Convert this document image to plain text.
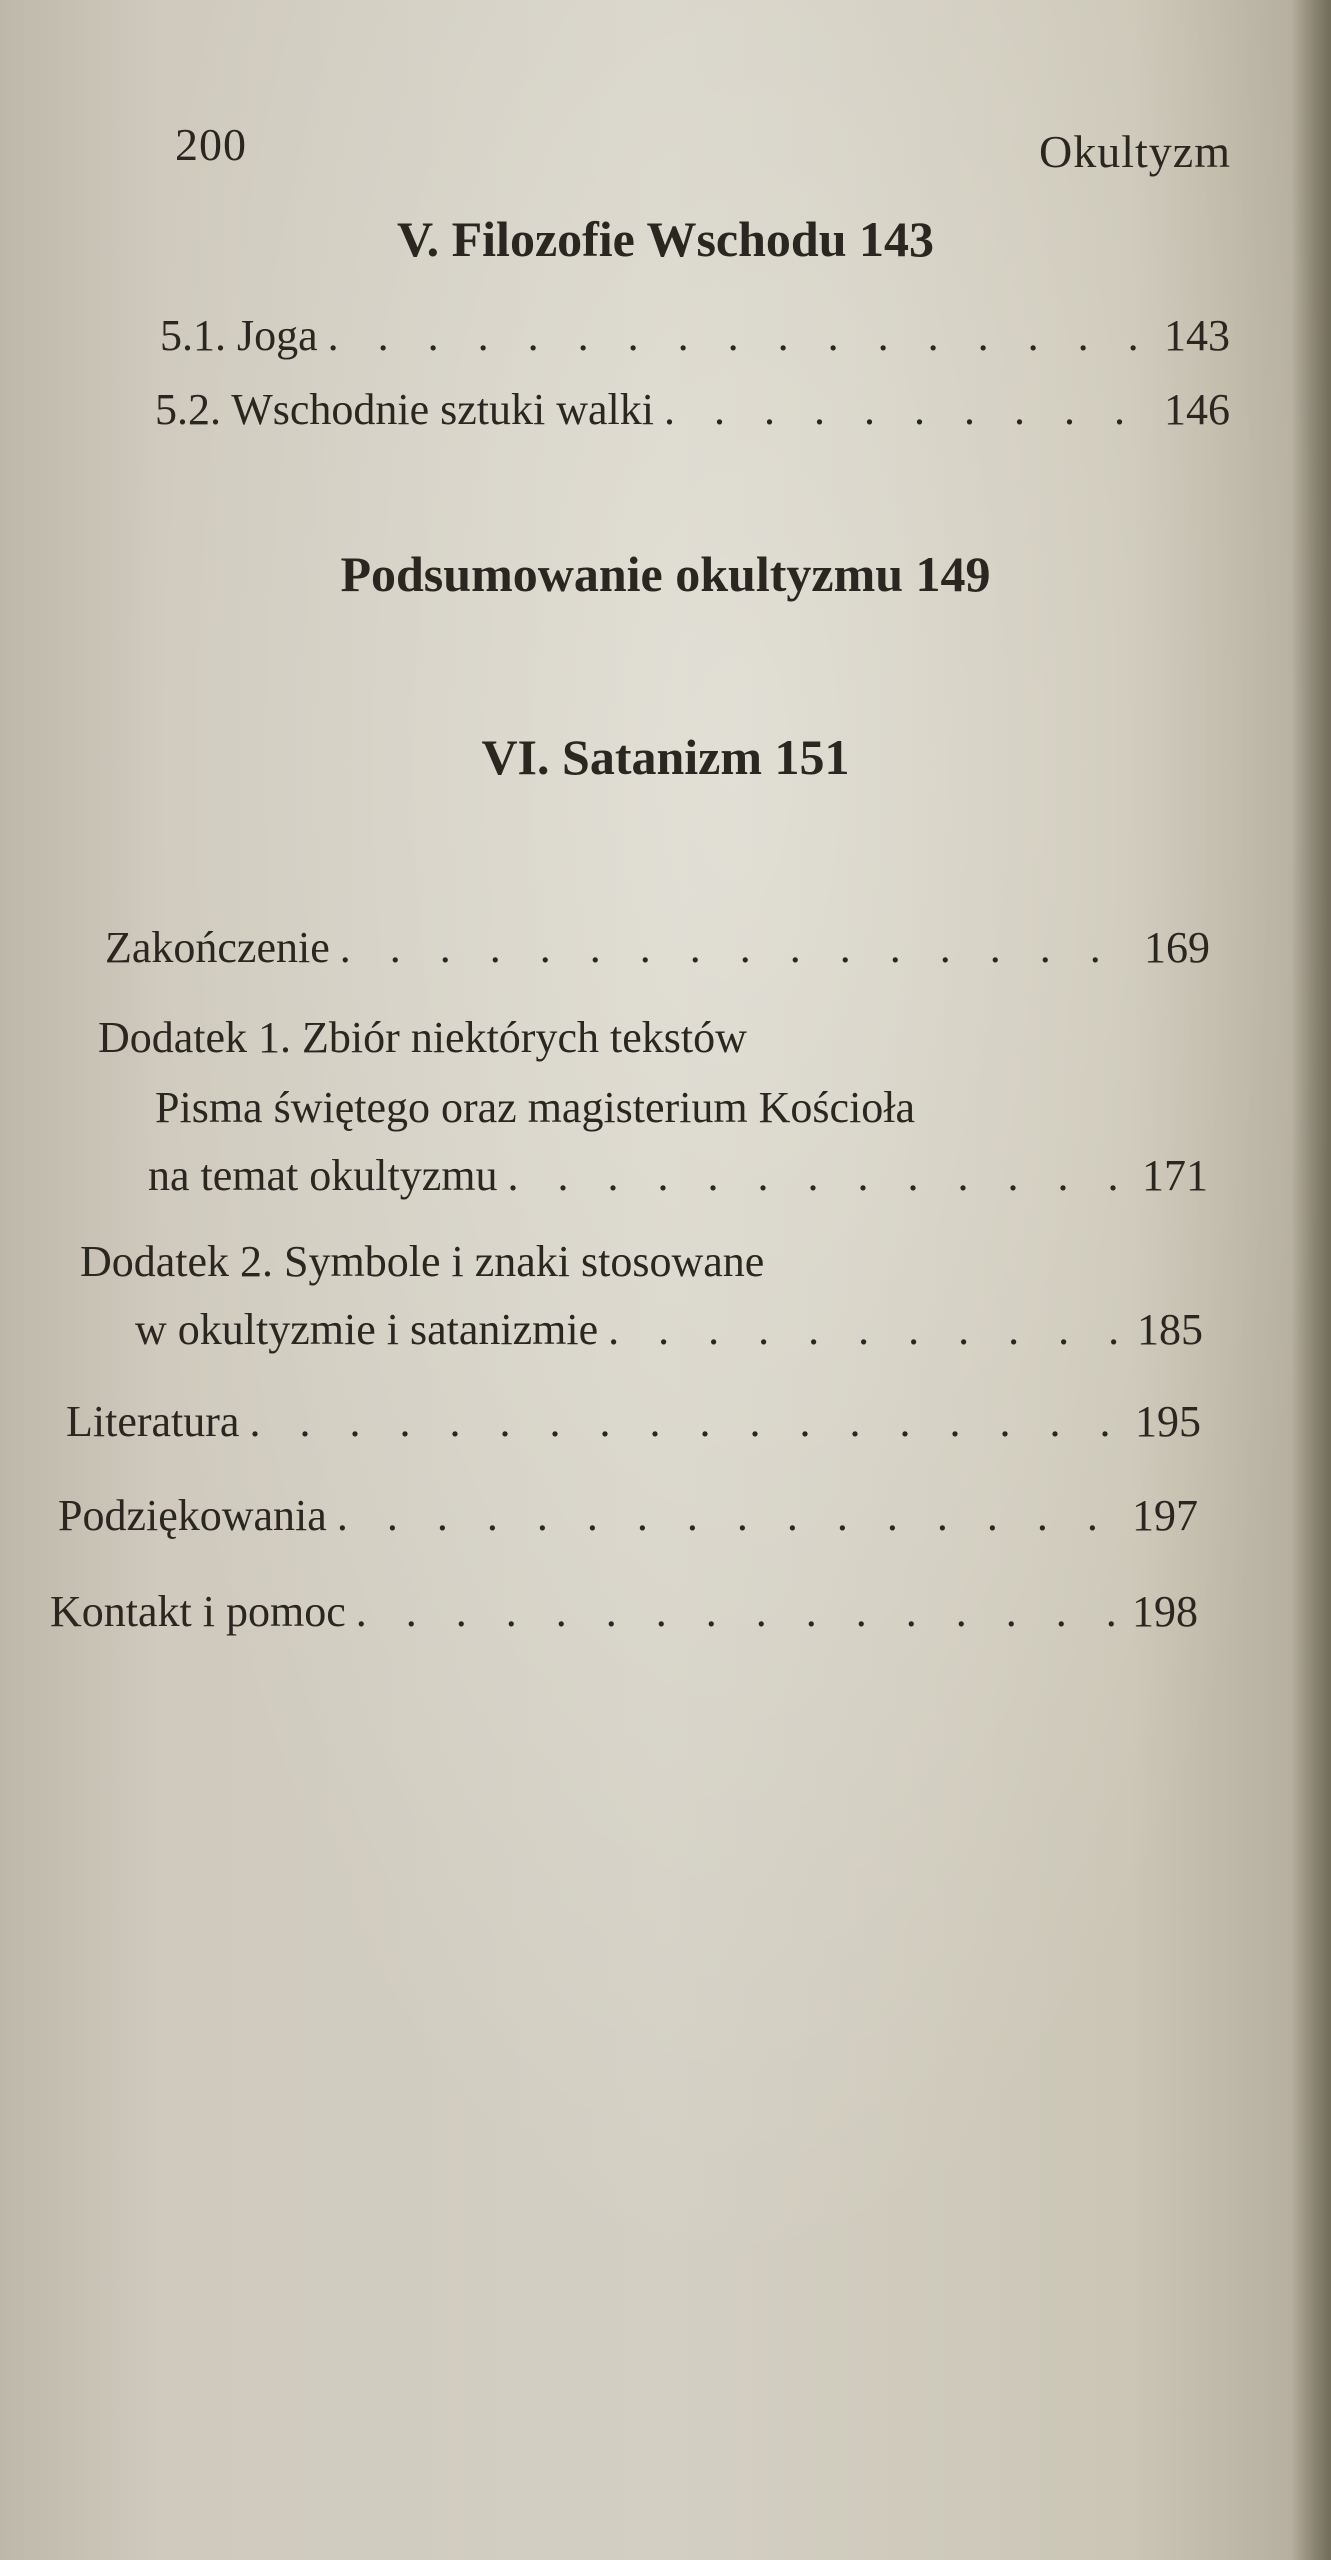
200	Okultyzm
V. Filozofie Wschodu 143
5.1. Joga . . .	143
5.2. Wschodnie sztuki walki . . .	146
Podsumowanie okultyzmu 149
VI. Satanizm 151
Zakończenie . . .	169
Dodatek 1. Zbiór niektórych tekstów
Pisma świętego oraz magisterium Kościoła
na temat okultyzmu . . .	171
Dodatek 2. Symbole i znaki stosowane
w okultyzmie i satanizmie . . .	185
Literatura . . .	195
Podziękowania . . .	197
Kontakt i pomoc . . .	198
